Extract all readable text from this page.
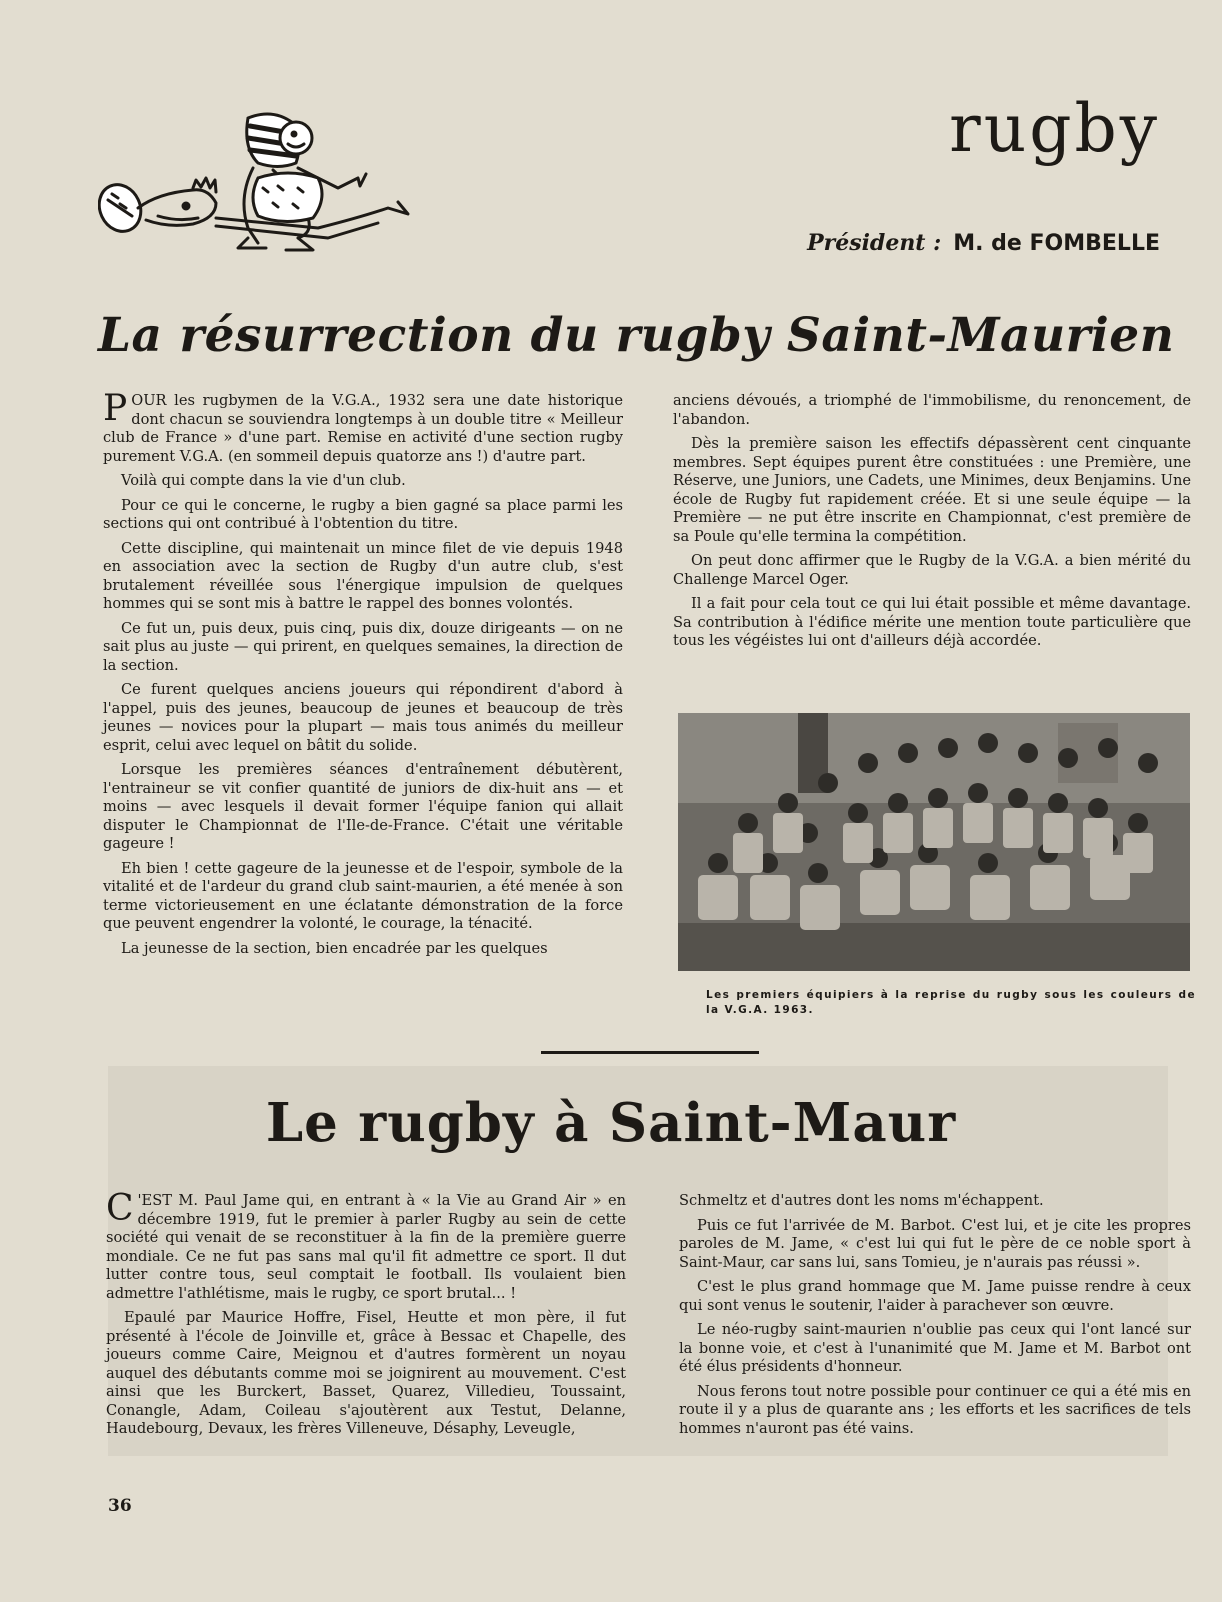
rugby
Président : M. de FOMBELLE
La résurrection du rugby Saint-Maurien

POUR les rugbymen de la V.G.A., 1932 sera une date historique dont chacun se souviendra longtemps à un double titre « Meilleur club de France » d'une part. Remise en activité d'une section rugby purement V.G.A. (en sommeil depuis quatorze ans !) d'autre part.

Voilà qui compte dans la vie d'un club.

Pour ce qui le concerne, le rugby a bien gagné sa place parmi les sections qui ont contribué à l'obtention du titre.

Cette discipline, qui maintenait un mince filet de vie depuis 1948 en association avec la section de Rugby d'un autre club, s'est brutalement réveillée sous l'énergique impulsion de quelques hommes qui se sont mis à battre le rappel des bonnes volontés.

Ce fut un, puis deux, puis cinq, puis dix, douze dirigeants — on ne sait plus au juste — qui prirent, en quelques semaines, la direction de la section.

Ce furent quelques anciens joueurs qui répondirent d'abord à l'appel, puis des jeunes, beaucoup de jeunes et beaucoup de très jeunes — novices pour la plupart — mais tous animés du meilleur esprit, celui avec lequel on bâtit du solide.

Lorsque les premières séances d'entraînement débutèrent, l'entraineur se vit confier quantité de juniors de dix-huit ans — et moins — avec lesquels il devait former l'équipe fanion qui allait disputer le Championnat de l'Ile-de-France. C'était une véritable gageure !

Eh bien ! cette gageure de la jeunesse et de l'espoir, symbole de la vitalité et de l'ardeur du grand club saint-maurien, a été menée à son terme victorieusement en une éclatante démonstration de la force que peuvent engendrer la volonté, le courage, la ténacité.

La jeunesse de la section, bien encadrée par les quelques

anciens dévoués, a triomphé de l'immobilisme, du renoncement, de l'abandon.

Dès la première saison les effectifs dépassèrent cent cinquante membres. Sept équipes purent être constituées : une Première, une Réserve, une Juniors, une Cadets, une Minimes, deux Benjamins. Une école de Rugby fut rapidement créée. Et si une seule équipe — la Première — ne put être inscrite en Championnat, c'est première de sa Poule qu'elle termina la compétition.

On peut donc affirmer que le Rugby de la V.G.A. a bien mérité du Challenge Marcel Oger.

Il a fait pour cela tout ce qui lui était possible et même davantage. Sa contribution à l'édifice mérite une mention toute particulière que tous les végéistes lui ont d'ailleurs déjà accordée.

Les premiers équipiers à la reprise du rugby sous les couleurs de la V.G.A. 1963.
Le rugby à Saint-Maur

C 'EST M. Paul Jame qui, en entrant à « la Vie au Grand Air » en décembre 1919, fut le premier à parler Rugby au sein de cette société qui venait de se reconstituer à la fin de la première guerre mondiale. Ce ne fut pas sans mal qu'il fit admettre ce sport. Il dut lutter contre tous, seul comptait le football. Ils voulaient bien admettre l'athlétisme, mais le rugby, ce sport brutal... !

Epaulé par Maurice Hoffre, Fisel, Heutte et mon père, il fut présenté à l'école de Joinville et, grâce à Bessac et Chapelle, des joueurs comme Caire, Meignou et d'autres formèrent un noyau auquel des débutants comme moi se joignirent au mouvement. C'est ainsi que les Burckert, Basset, Quarez, Villedieu, Toussaint, Conangle, Adam, Coileau s'ajoutèrent aux Testut, Delanne, Haudebourg, Devaux, les frères Villeneuve, Désaphy, Leveugle,

Schmeltz et d'autres dont les noms m'échappent.

Puis ce fut l'arrivée de M. Barbot. C'est lui, et je cite les propres paroles de M. Jame, « c'est lui qui fut le père de ce noble sport à Saint-Maur, car sans lui, sans Tomieu, je n'aurais pas réussi ».

C'est le plus grand hommage que M. Jame puisse rendre à ceux qui sont venus le soutenir, l'aider à parachever son œuvre.

Le néo-rugby saint-maurien n'oublie pas ceux qui l'ont lancé sur la bonne voie, et c'est à l'unanimité que M. Jame et M. Barbot ont été élus présidents d'honneur.

Nous ferons tout notre possible pour continuer ce qui a été mis en route il y a plus de quarante ans ; les efforts et les sacrifices de tels hommes n'auront pas été vains.

36
